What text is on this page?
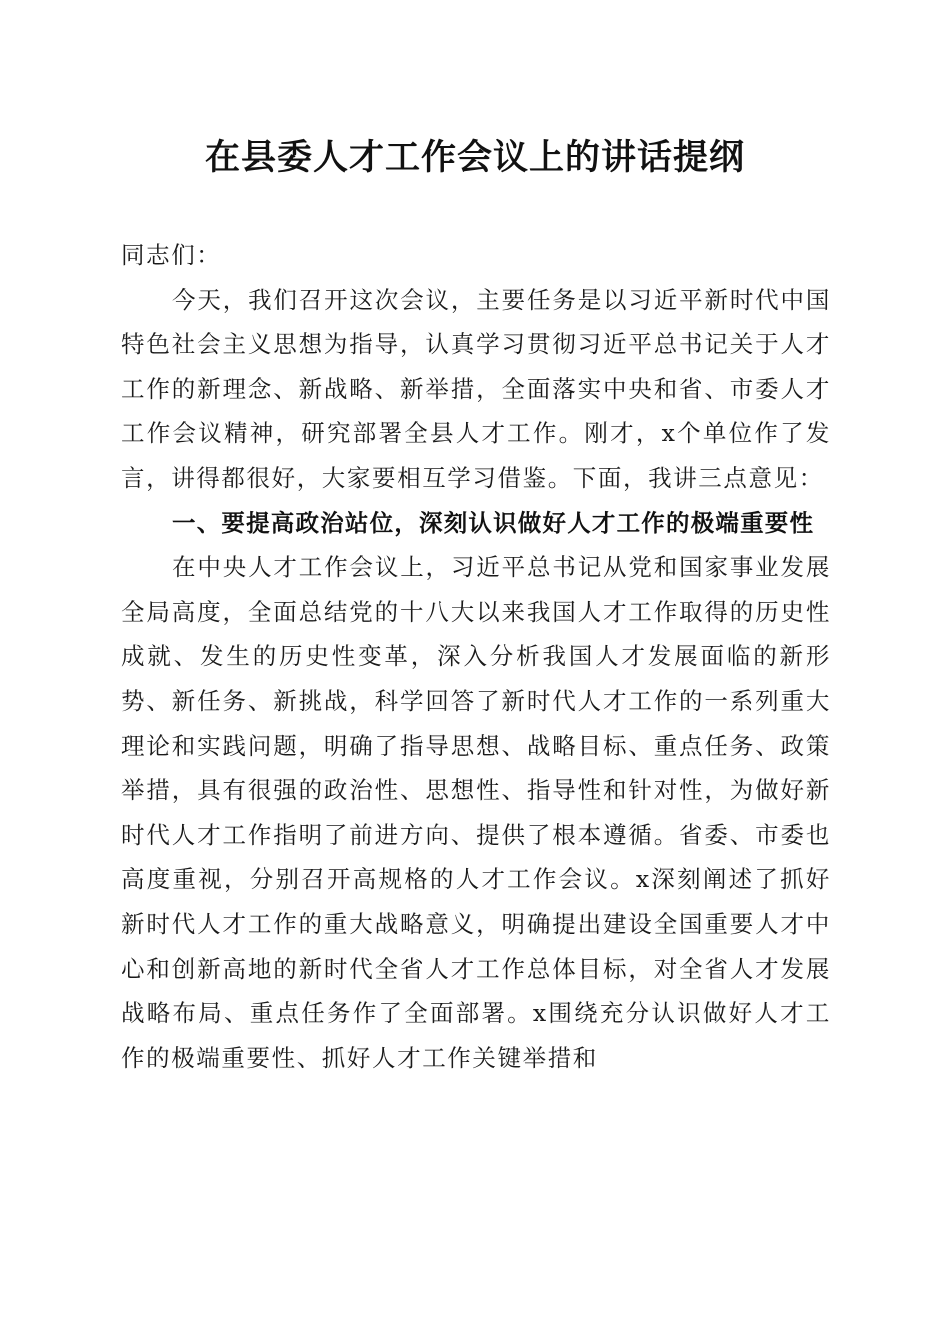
在县委人才工作会议上的讲话提纲

同志们：

今天，我们召开这次会议，主要任务是以习近平新时代中国特色社会主义思想为指导，认真学习贯彻习近平总书记关于人才工作的新理念、新战略、新举措，全面落实中央和省、市委人才工作会议精神，研究部署全县人才工作。刚才，x个单位作了发言，讲得都很好，大家要相互学习借鉴。下面，我讲三点意见：

一、要提高政治站位，深刻认识做好人才工作的极端重要性

在中央人才工作会议上，习近平总书记从党和国家事业发展全局高度，全面总结党的十八大以来我国人才工作取得的历史性成就、发生的历史性变革，深入分析我国人才发展面临的新形势、新任务、新挑战，科学回答了新时代人才工作的一系列重大理论和实践问题，明确了指导思想、战略目标、重点任务、政策举措，具有很强的政治性、思想性、指导性和针对性，为做好新时代人才工作指明了前进方向、提供了根本遵循。省委、市委也高度重视，分别召开高规格的人才工作会议。x深刻阐述了抓好新时代人才工作的重大战略意义，明确提出建设全国重要人才中心和创新高地的新时代全省人才工作总体目标，对全省人才发展战略布局、重点任务作了全面部署。x围绕充分认识做好人才工作的极端重要性、抓好人才工作关键举措和
